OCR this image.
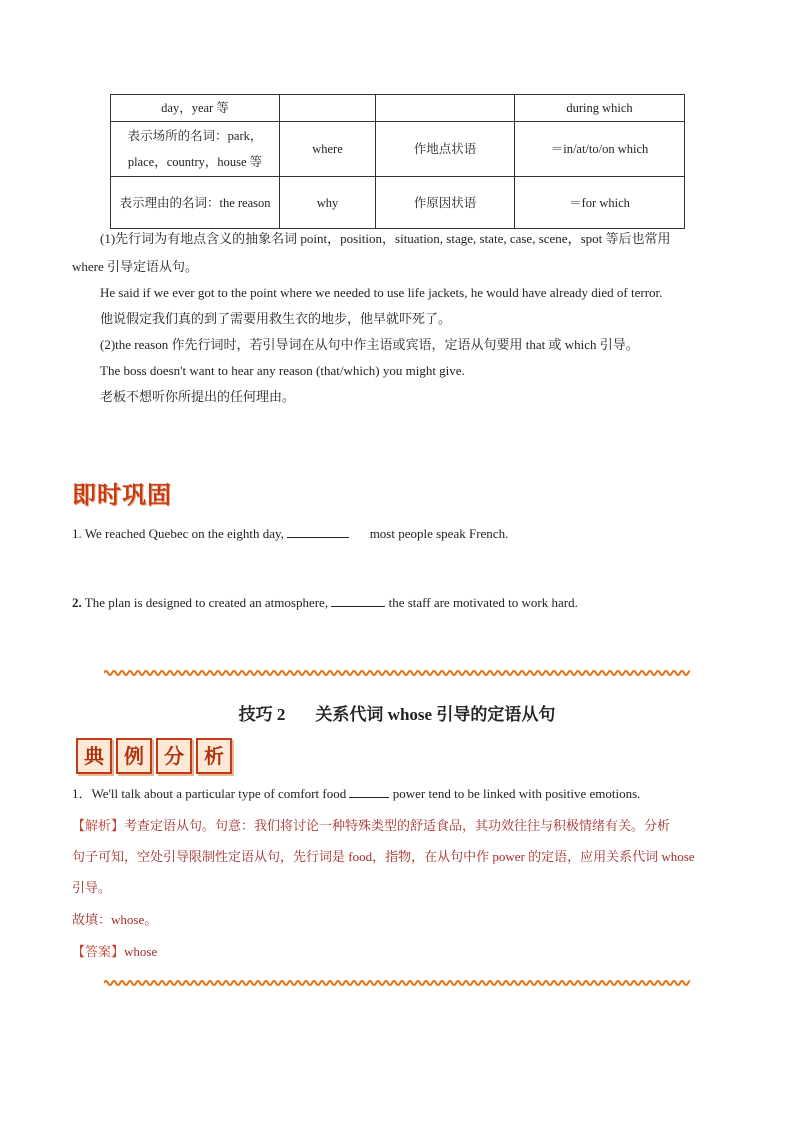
day，year 等			during which
表示场所的名词：park，place，country，house 等	where	作地点状语	＝in/at/to/on which
表示理由的名词：the reason	why	作原因状语	＝for which
(1)先行词为有地点含义的抽象名词 point，position，situation, stage, state, case, scene，spot 等后也常用
where 引导定语从句。
He said if we ever got to the point where we needed to use life jackets, he would have already died of terror.
他说假定我们真的到了需要用救生衣的地步，他早就吓死了。
(2)the reason 作先行词时，若引导词在从句中作主语或宾语，定语从句要用 that 或 which 引导。
The boss doesn't want to hear any reason (that/which) you might give.
老板不想听你所提出的任何理由。
即时巩固
1. We reached Quebec on the eighth day,	most people speak French.
2. The plan is designed to created an atmosphere,	the staff are motivated to work hard.
技巧 2 关系代词 whose 引导的定语从句
典	例	分	析
1．We'll talk about a particular type of comfort food	power tend to be linked with positive emotions.
【解析】考查定语从句。句意：我们将讨论一种特殊类型的舒适食品，其功效往往与积极情绪有关。分析
句子可知，空处引导限制性定语从句，先行词是 food，指物，在从句中作 power 的定语，应用关系代词 whose
引导。
故填：whose。
【答案】whose
